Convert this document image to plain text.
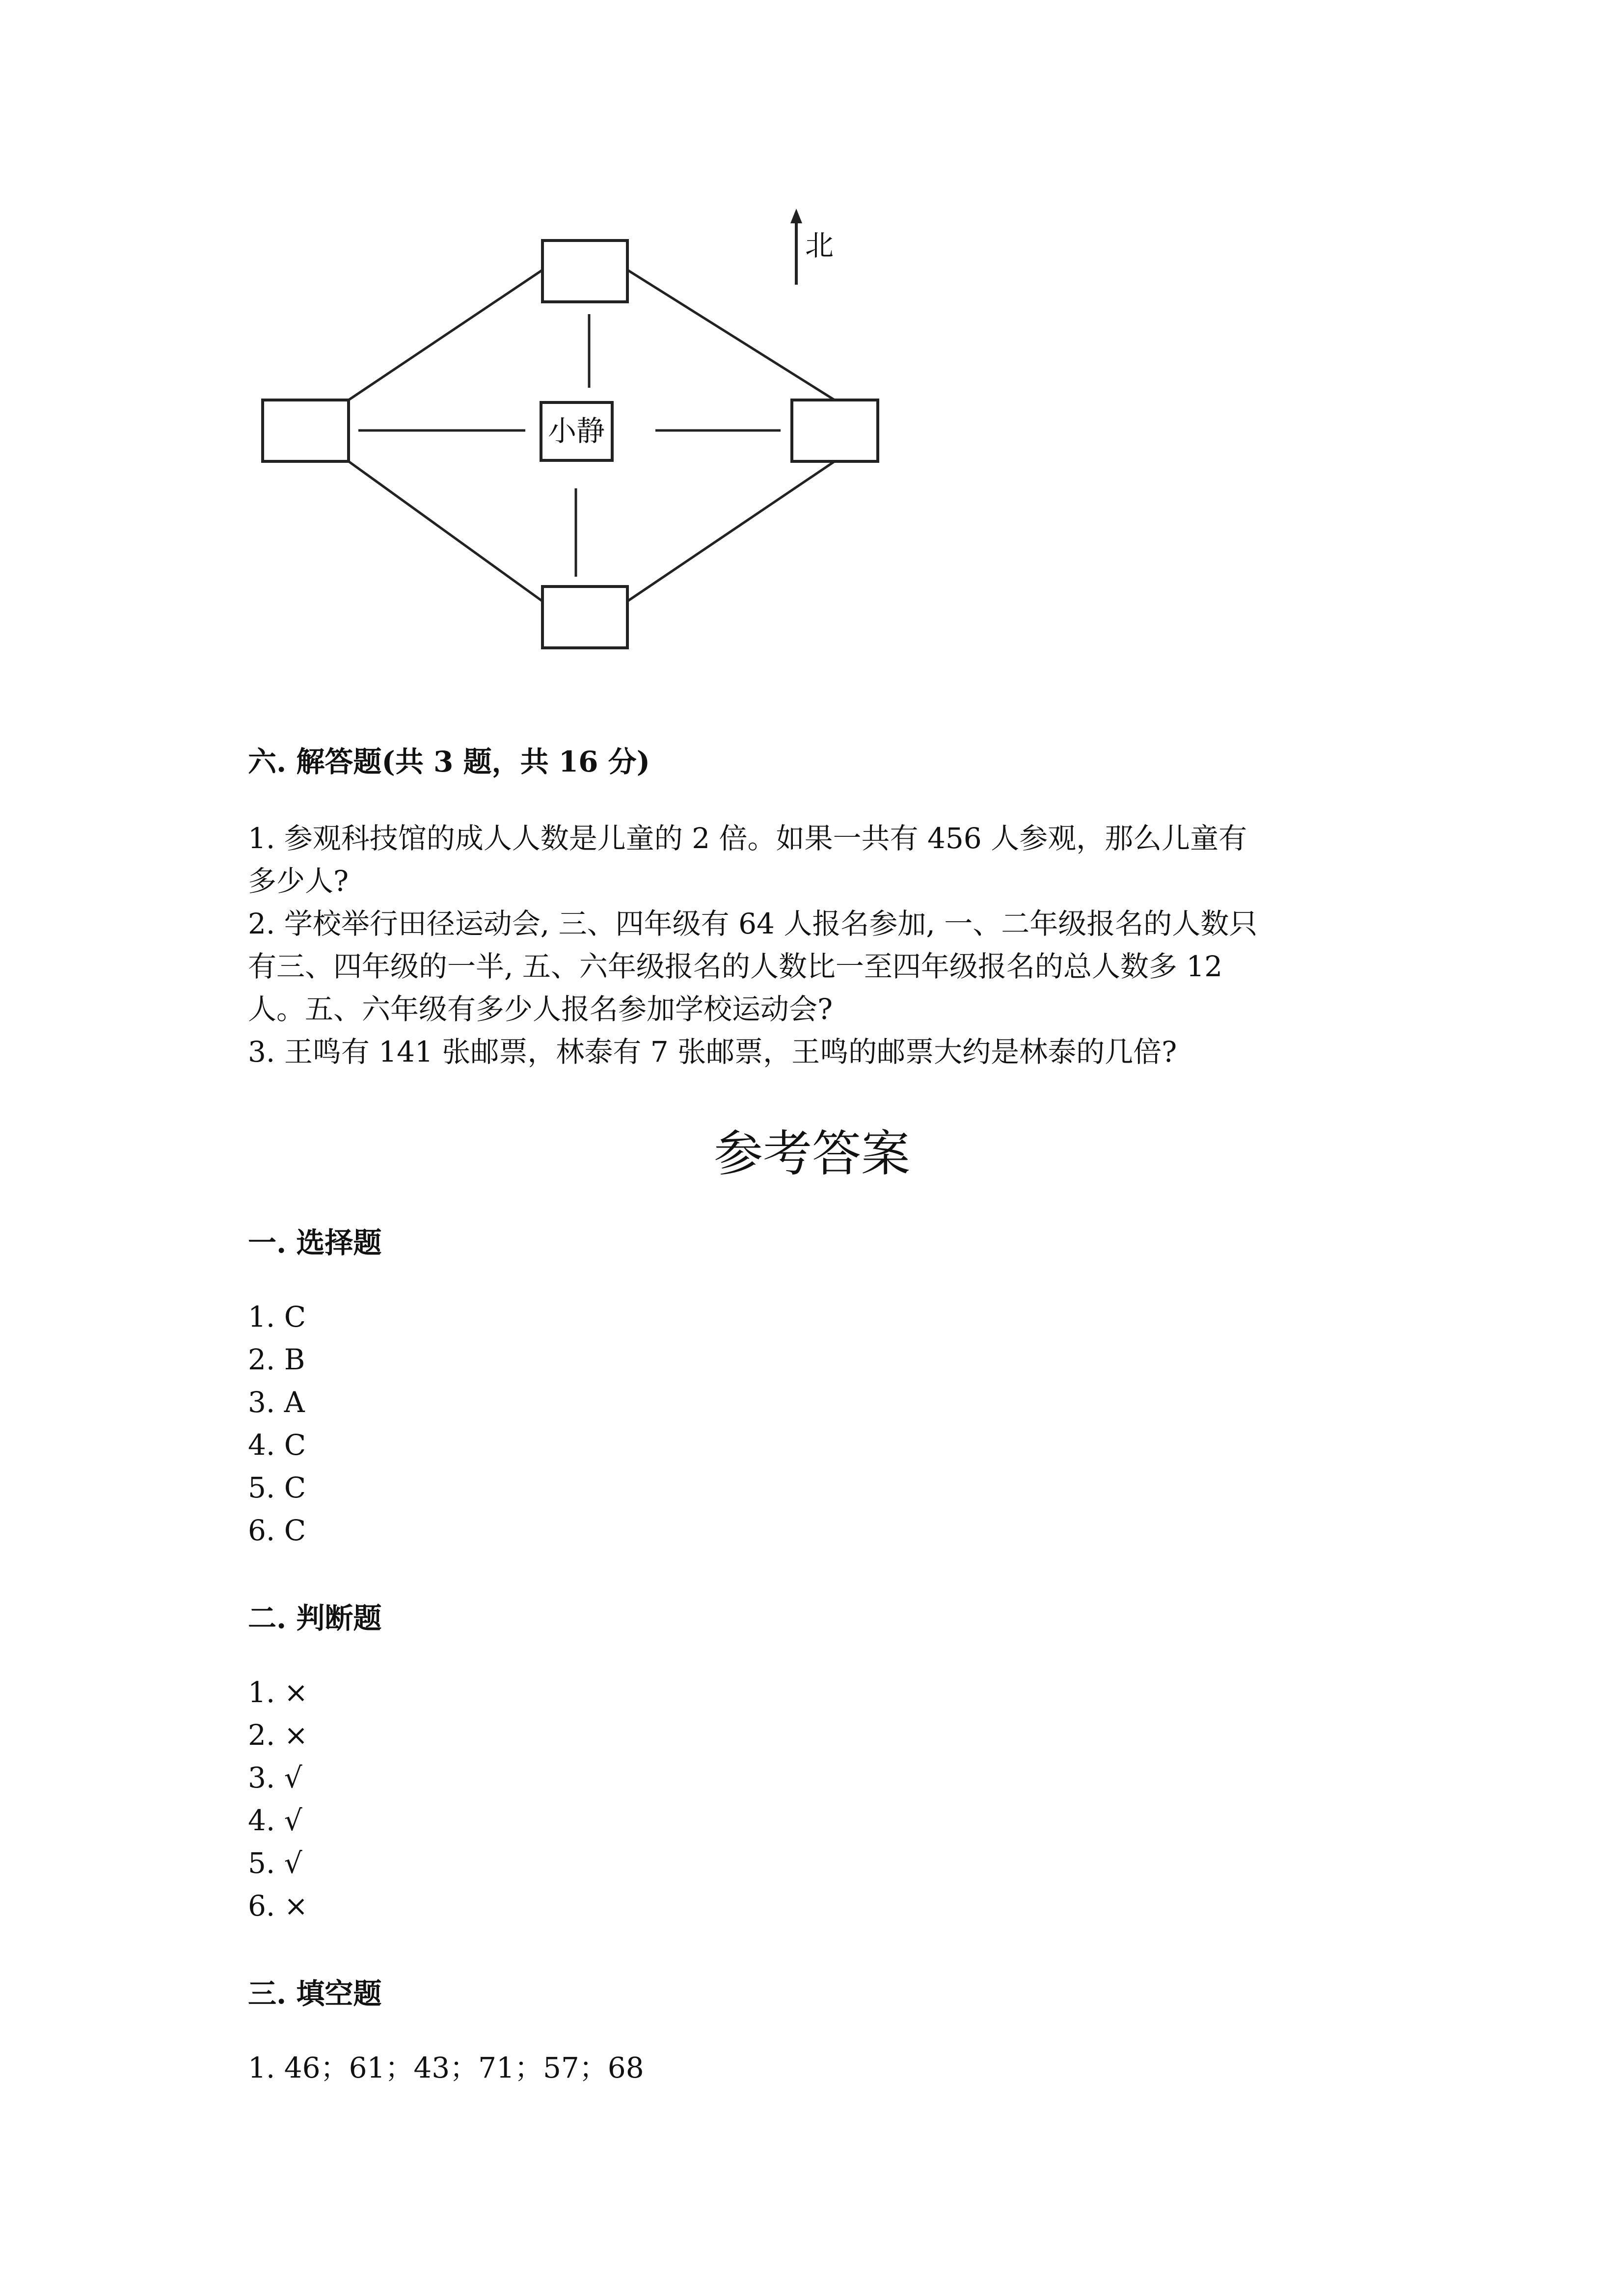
小静
北
六. 解答题(共 3 题，共 16 分)
1. 参观科技馆的成人人数是儿童的 2 倍。如果一共有 456 人参观，那么儿童有
多少人?
2. 学校举行田径运动会, 三、四年级有 64 人报名参加, 一、二年级报名的人数只
有三、四年级的一半, 五、六年级报名的人数比一至四年级报名的总人数多 12
人。五、六年级有多少人报名参加学校运动会?
3. 王鸣有 141 张邮票，林泰有 7 张邮票，王鸣的邮票大约是林泰的几倍?
参考答案
一. 选择题
1. C
2. B
3. A
4. C
5. C
6. C
二. 判断题
1. ×
2. ×
3. √
4. √
5. √
6. ×
三. 填空题
1. 46；61；43；71；57；68
